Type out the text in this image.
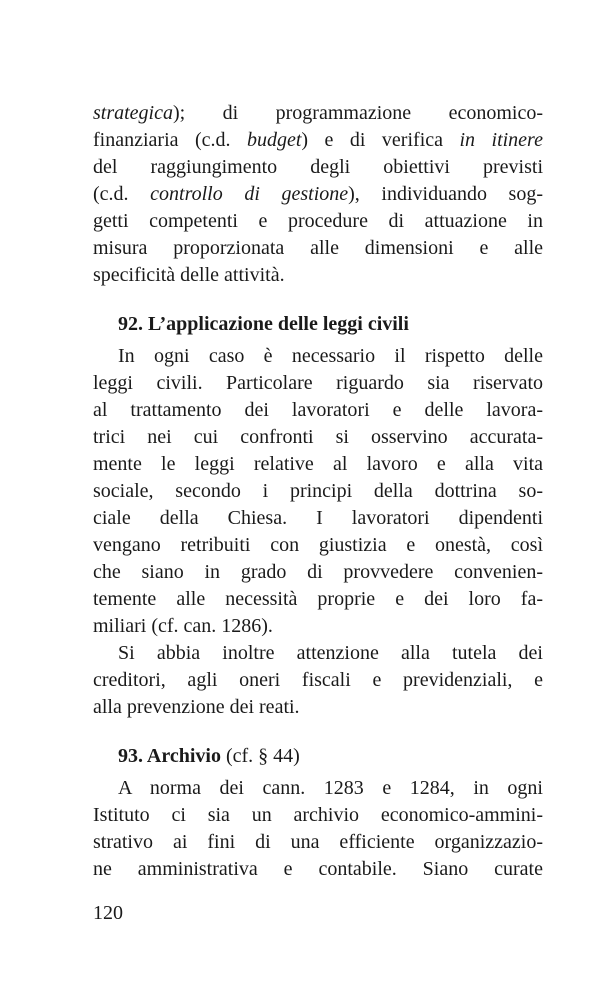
strategica); di programmazione economico-
finanziaria (c.d. budget) e di verifica in itinere
del raggiungimento degli obiettivi previsti
(c.d. controllo di gestione), individuando sog-
getti competenti e procedure di attuazione in
misura proporzionata alle dimensioni e alle
specificità delle attività.
92. L’applicazione delle leggi civili
In ogni caso è necessario il rispetto delle
leggi civili. Particolare riguardo sia riservato
al trattamento dei lavoratori e delle lavora-
trici nei cui confronti si osservino accurata-
mente le leggi relative al lavoro e alla vita
sociale, secondo i principi della dottrina so-
ciale della Chiesa. I lavoratori dipendenti
vengano retribuiti con giustizia e onestà, così
che siano in grado di provvedere convenien-
temente alle necessità proprie e dei loro fa-
miliari (cf. can. 1286).
Si abbia inoltre attenzione alla tutela dei
creditori, agli oneri fiscali e previdenziali, e
alla prevenzione dei reati.
93. Archivio (cf. § 44)
A norma dei cann. 1283 e 1284, in ogni
Istituto ci sia un archivio economico-ammini-
strativo ai fini di una efficiente organizzazio-
ne amministrativa e contabile. Siano curate
120
